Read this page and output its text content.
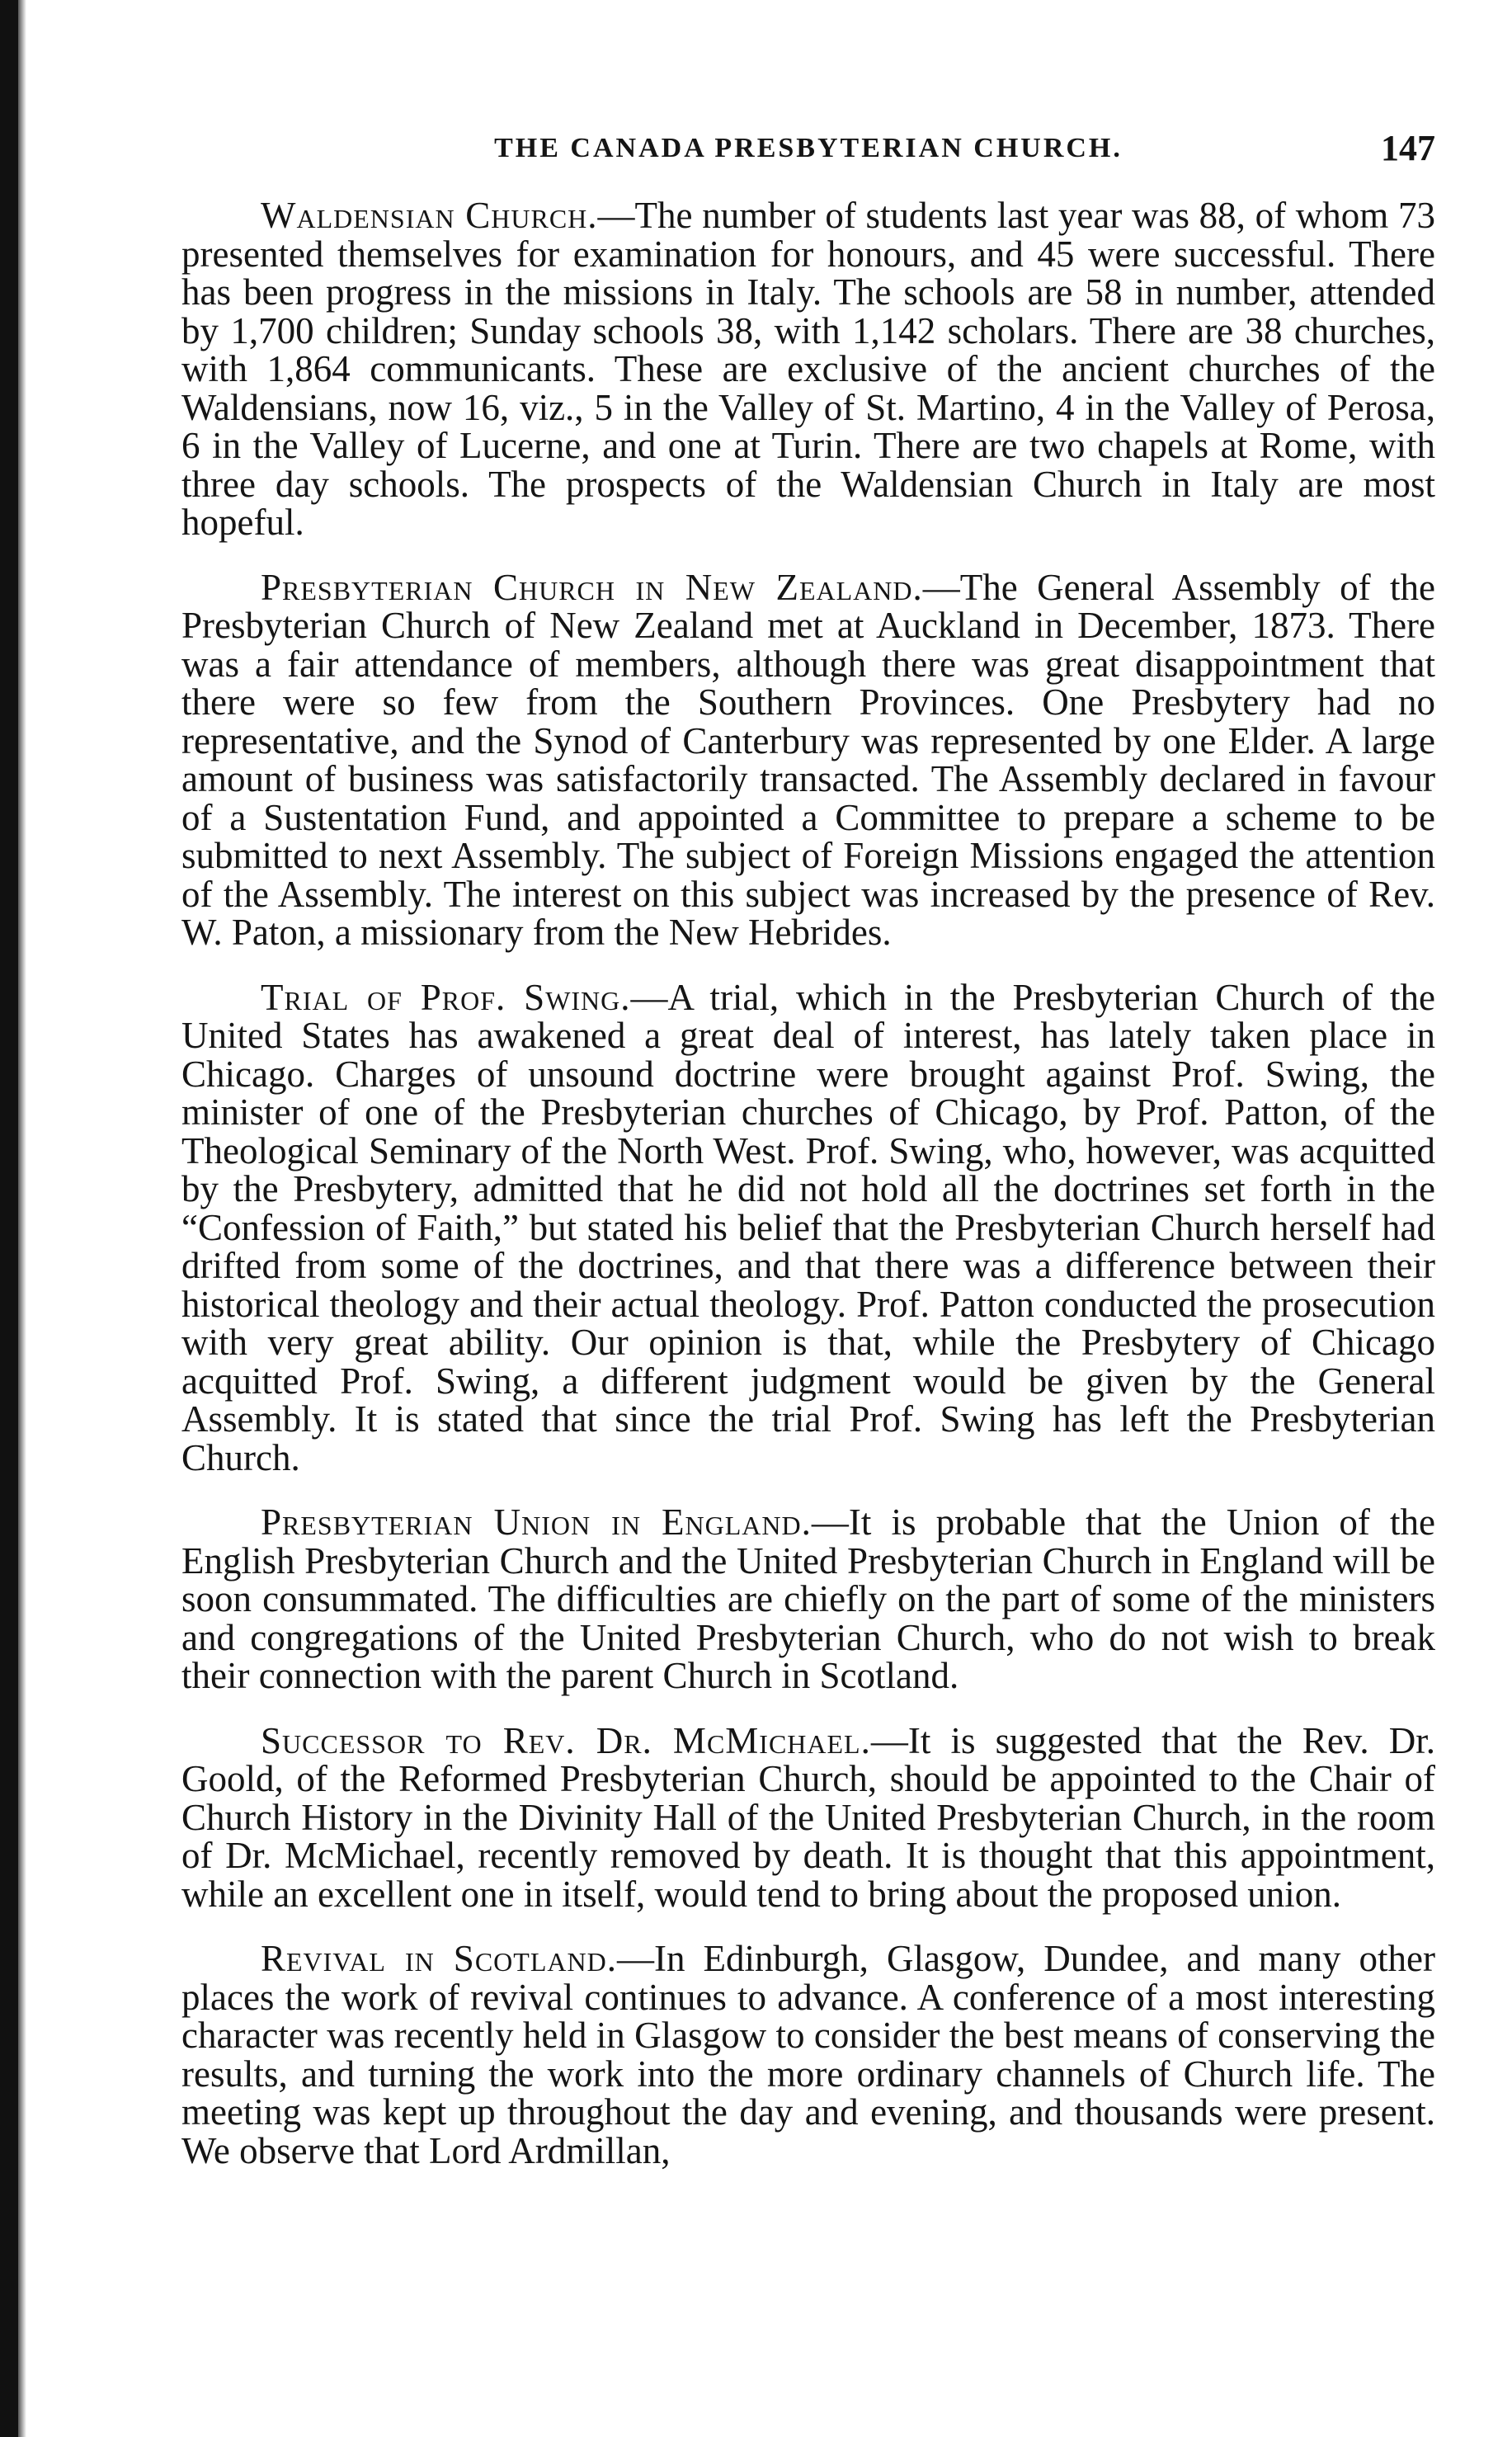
THE CANADA PRESBYTERIAN CHURCH.	147

Waldensian Church.—The number of students last year was 88, of whom 73 presented themselves for examination for honours, and 45 were successful. There has been progress in the missions in Italy. The schools are 58 in number, attended by 1,700 children; Sunday schools 38, with 1,142 scholars. There are 38 churches, with 1,864 communicants. These are exclusive of the ancient churches of the Waldensians, now 16, viz., 5 in the Valley of St. Martino, 4 in the Valley of Perosa, 6 in the Valley of Lucerne, and one at Turin. There are two chapels at Rome, with three day schools. The prospects of the Waldensian Church in Italy are most hopeful.

Presbyterian Church in New Zealand.—The General Assembly of the Presbyterian Church of New Zealand met at Auckland in December, 1873. There was a fair attendance of members, although there was great disappointment that there were so few from the Southern Provinces. One Presbytery had no representative, and the Synod of Canterbury was represented by one Elder. A large amount of business was satisfactorily transacted. The Assembly declared in favour of a Sustentation Fund, and appointed a Committee to prepare a scheme to be submitted to next Assembly. The subject of Foreign Missions engaged the attention of the Assembly. The interest on this subject was increased by the presence of Rev. W. Paton, a missionary from the New Hebrides.

Trial of Prof. Swing.—A trial, which in the Presbyterian Church of the United States has awakened a great deal of interest, has lately taken place in Chicago. Charges of unsound doctrine were brought against Prof. Swing, the minister of one of the Presbyterian churches of Chicago, by Prof. Patton, of the Theological Seminary of the North West. Prof. Swing, who, however, was acquitted by the Presbytery, admitted that he did not hold all the doctrines set forth in the “Confession of Faith,” but stated his belief that the Presbyterian Church herself had drifted from some of the doctrines, and that there was a difference between their historical theology and their actual theology. Prof. Patton conducted the prosecution with very great ability. Our opinion is that, while the Presbytery of Chicago acquitted Prof. Swing, a different judgment would be given by the General Assembly. It is stated that since the trial Prof. Swing has left the Presbyterian Church.

Presbyterian Union in England.—It is probable that the Union of the English Presbyterian Church and the United Presbyterian Church in England will be soon consummated. The difficulties are chiefly on the part of some of the ministers and congregations of the United Presbyterian Church, who do not wish to break their connection with the parent Church in Scotland.

Successor to Rev. Dr. McMichael.—It is suggested that the Rev. Dr. Goold, of the Reformed Presbyterian Church, should be appointed to the Chair of Church History in the Divinity Hall of the United Presbyterian Church, in the room of Dr. McMichael, recently removed by death. It is thought that this appointment, while an excellent one in itself, would tend to bring about the proposed union.

Revival in Scotland.—In Edinburgh, Glasgow, Dundee, and many other places the work of revival continues to advance. A conference of a most interesting character was recently held in Glasgow to consider the best means of conserving the results, and turning the work into the more ordinary channels of Church life. The meeting was kept up throughout the day and evening, and thousands were present. We observe that Lord Ardmillan,
